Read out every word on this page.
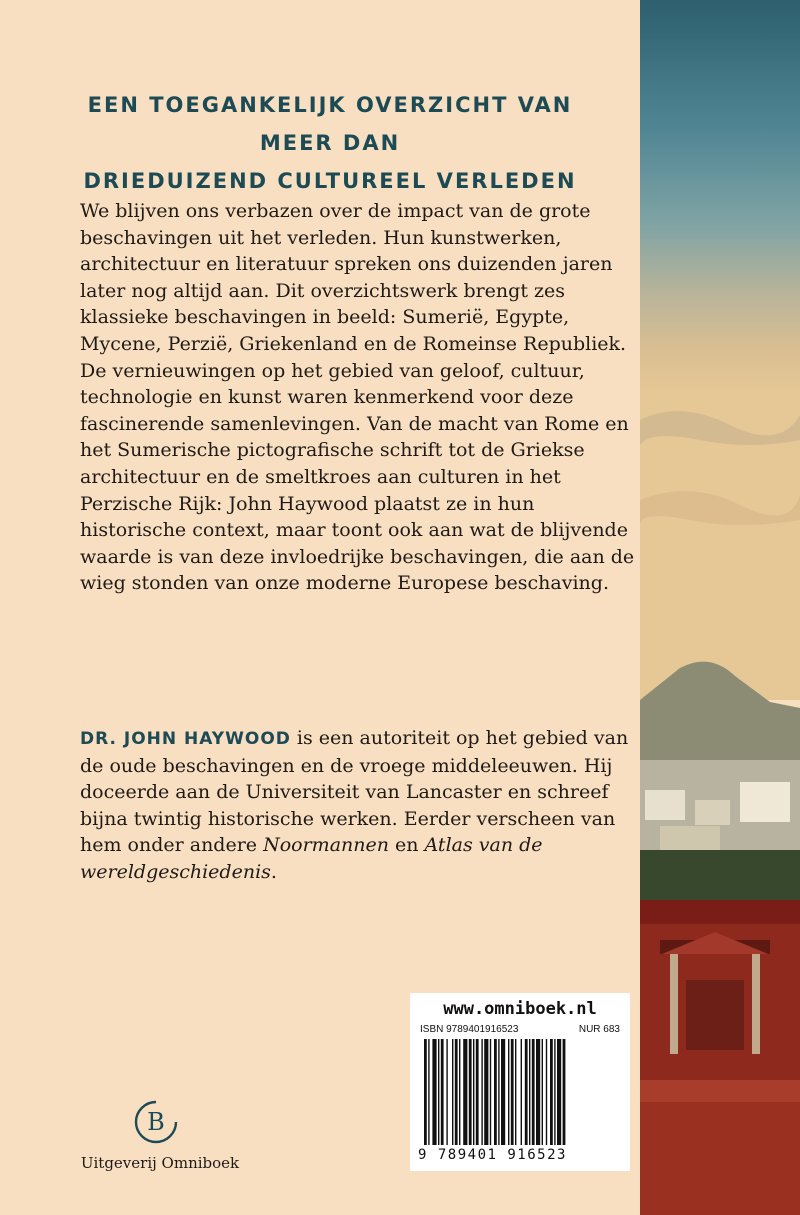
EEN TOEGANKELIJK OVERZICHT VAN MEER DAN
DRIEDUIZEND CULTUREEL VERLEDEN

We blijven ons verbazen over de impact van de grote beschavingen uit het verleden. Hun kunstwerken, architectuur en literatuur spreken ons duizenden jaren later nog altijd aan. Dit overzichtswerk brengt zes klassieke beschavingen in beeld: Sumerië, Egypte, Mycene, Perzië, Griekenland en de Romeinse Republiek. De vernieuwingen op het gebied van geloof, cultuur, technologie en kunst waren kenmerkend voor deze fascinerende samenlevingen. Van de macht van Rome en het Sumerische pictografische schrift tot de Griekse architectuur en de smeltkroes aan culturen in het Perzische Rijk: John Haywood plaatst ze in hun historische context, maar toont ook aan wat de blijvende waarde is van deze invloedrijke beschavingen, die aan de wieg stonden van onze moderne Europese beschaving.

DR. JOHN HAYWOOD is een autoriteit op het gebied van de oude beschavingen en de vroege middeleeuwen. Hij doceerde aan de Universiteit van Lancaster en schreef bijna twintig historische werken. Eerder verscheen van hem onder andere Noormannen en Atlas van de wereldgeschiedenis.

www.omniboek.nl
ISBN 9789401916523	NUR 683
9 789401 916523
B
Uitgeverij Omniboek
